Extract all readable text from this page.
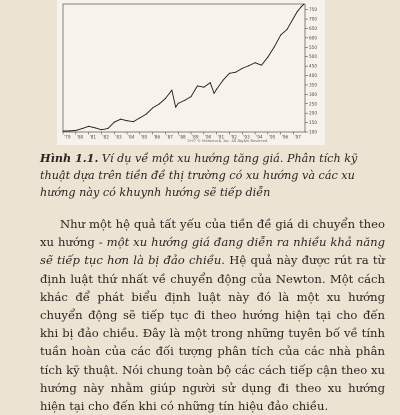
750
700
650
600
550
500
450
400
350
300
250
200
150
100
'79 '80 '81 '82 '83 '84 '85 '86 '87 '88 '89 '90 '91 '92 '93 '94 '95 '96 '97
1997 © Metastock, Inc. All Rights Reserved.
Hình 1.1. Ví dụ về một xu hướng tăng giá. Phân tích kỹ thuật dựa trên tiền đề thị trường có xu hướng và các xu hướng này có khuynh hướng sẽ tiếp diễn

Như một hệ quả tất yếu của tiền đề giá di chuyển theo xu hướng - một xu hướng giá đang diễn ra nhiều khả năng sẽ tiếp tục hơn là bị đảo chiều. Hệ quả này được rút ra từ định luật thứ nhất về chuyển động của Newton. Một cách khác để phát biểu định luật này đó là một xu hướng chuyển động sẽ tiếp tục đi theo hướng hiện tại cho đến khi bị đảo chiều. Đây là một trong những tuyên bố về tính tuần hoàn của các đối tượng phân tích của các nhà phân tích kỹ thuật. Nói chung toàn bộ các cách tiếp cận theo xu hướng này nhằm giúp người sử dụng đi theo xu hướng hiện tại cho đến khi có những tín hiệu đảo chiều.
